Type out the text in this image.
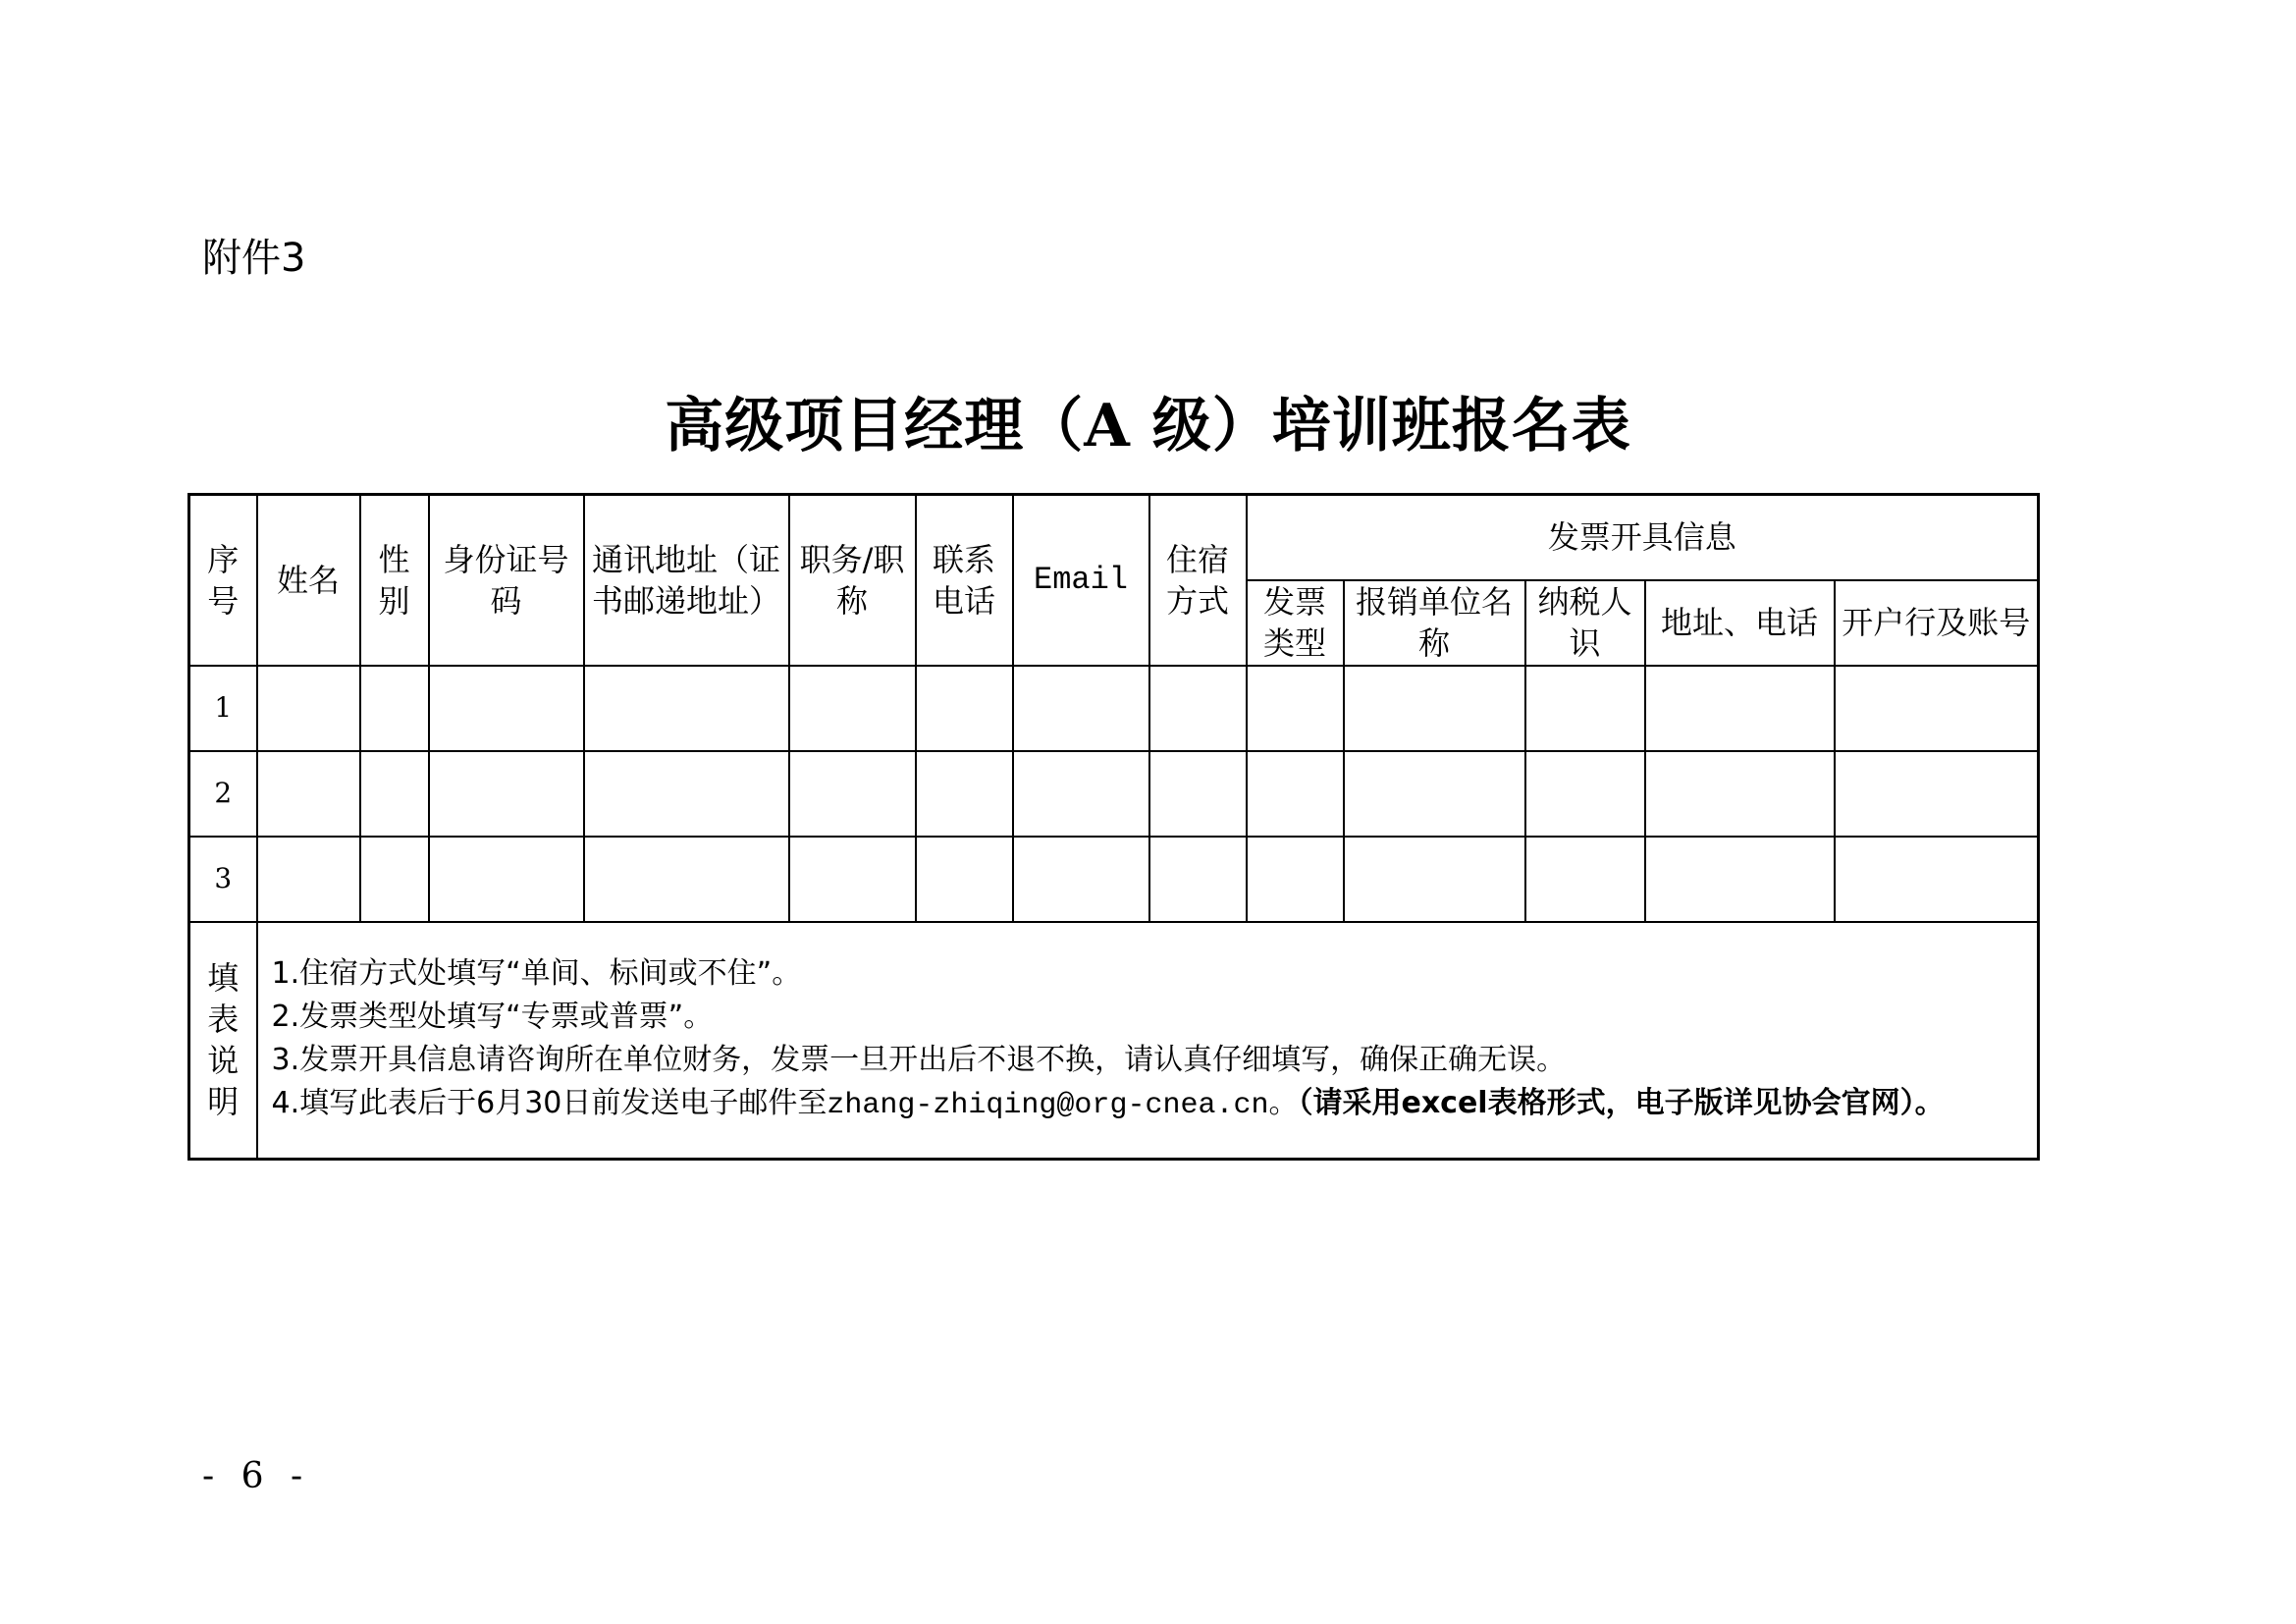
附件3
高级项目经理（A 级）培训班报名表
序号	姓名	性别	身份证号码	通讯地址（证书邮递地址）	职务/职称	联系电话	Email	住宿方式	发票开具信息				
									发票类型	报销单位名称	纳税人识	地址、电话	开户行及账号
1													
2													
3													
填表说明	1.住宿方式处填写“单间、标间或不住”。
2.发票类型处填写“专票或普票”。
3.发票开具信息请咨询所在单位财务，发票一旦开出后不退不换，请认真仔细填写，确保正确无误。
4.填写此表后于6月30日前发送电子邮件至zhang-zhiqing@org-cnea.cn。（请采用excel表格形式，电子版详见协会官网）。												
- 6 -
